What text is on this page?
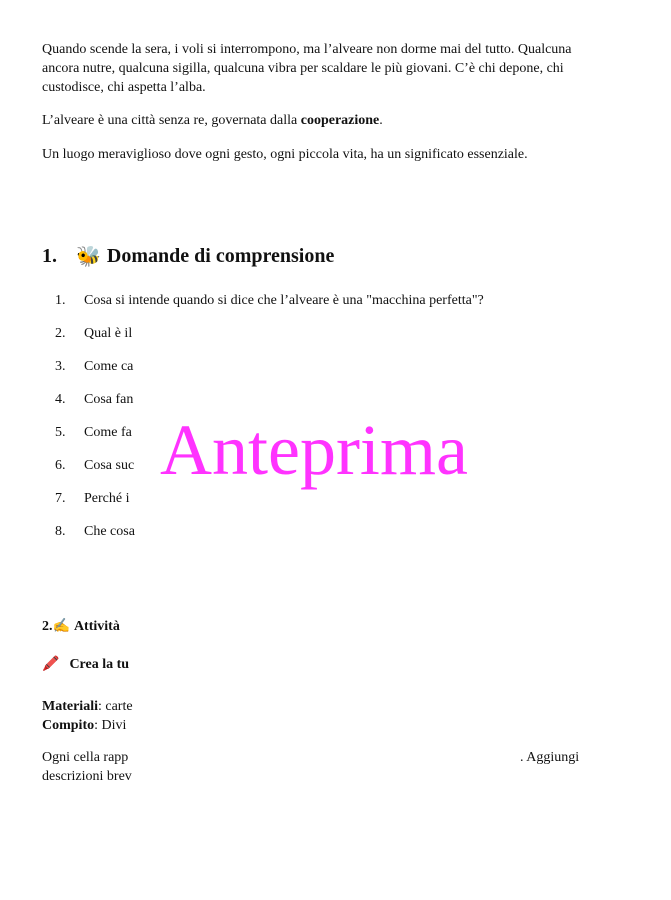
Quando scende la sera, i voli si interrompono, ma l’alveare non dorme mai del tutto. Qualcuna ancora nutre, qualcuna sigilla, qualcuna vibra per scaldare le più giovani. C’è chi depone, chi custodisce, chi aspetta l’alba.

L’alveare è una città senza re, governata dalla cooperazione.

Un luogo meraviglioso dove ogni gesto, ogni piccola vita, ha un significato essenziale.

1. 🐝 Domande di comprensione

1. Cosa si intende quando si dice che l’alveare è una "macchina perfetta"?

2. Qual è il

3. Come ca

4. Cosa fan

5. Come fa

6. Cosa suc

7. Perché i

8. Che cosa

2. ✍️ Attività
🖍️ Crea la tu

Materiali: carte

Compito: Divi

Ogni cella rapp descrizioni brev

. Aggiungi

Anteprima
